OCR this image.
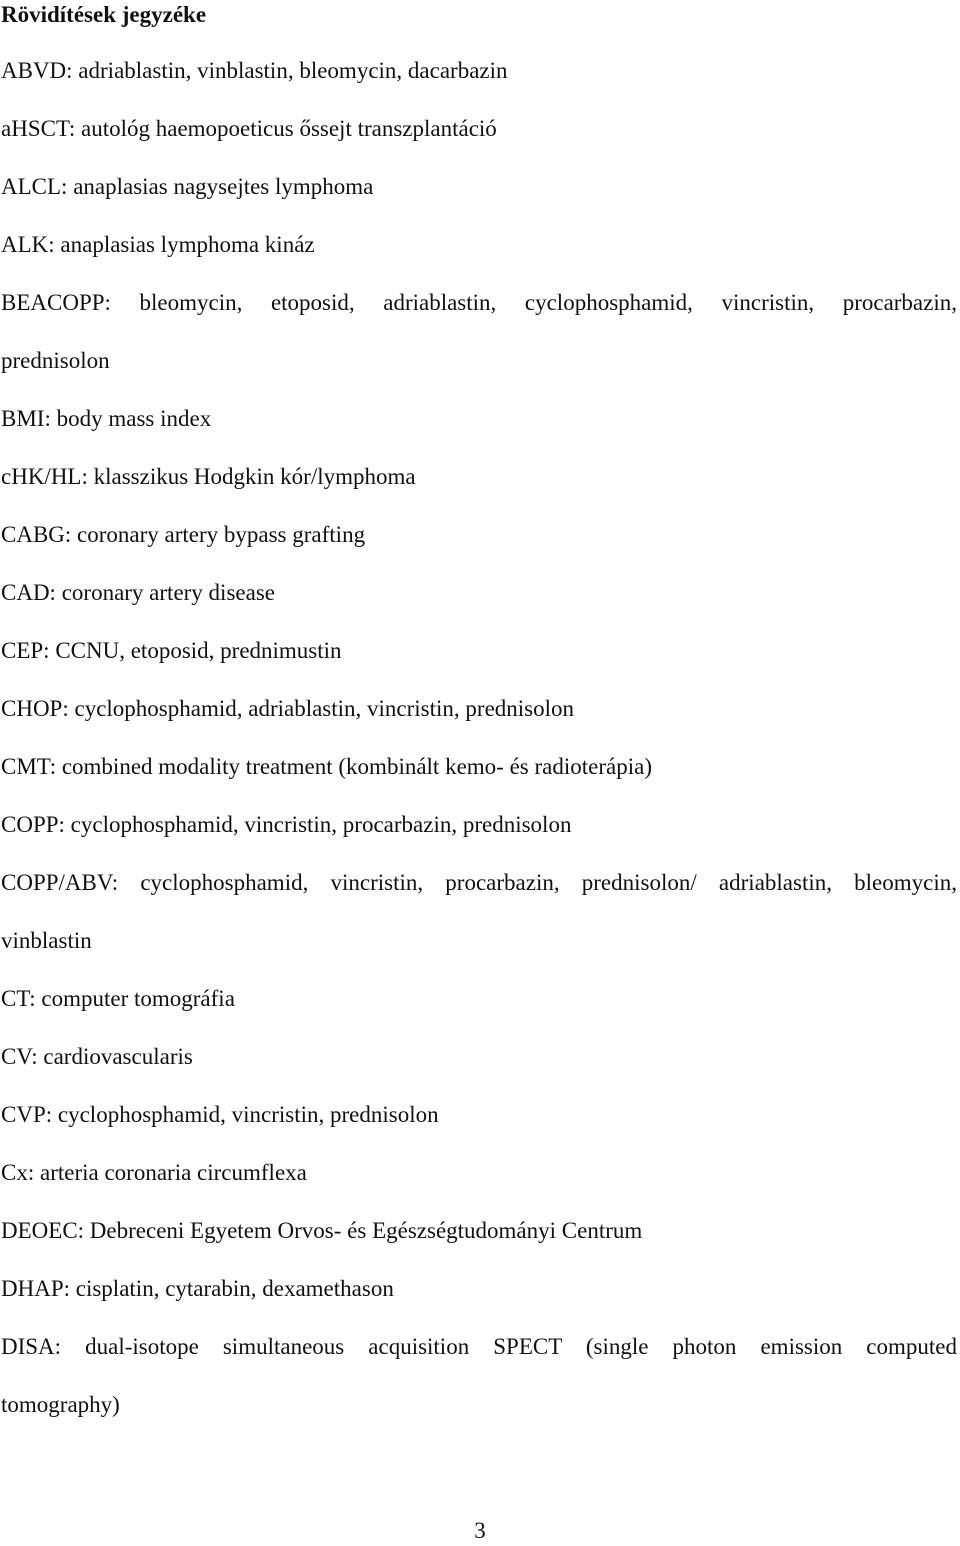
Rövidítések jegyzéke
ABVD: adriablastin, vinblastin, bleomycin, dacarbazin
aHSCT: autológ haemopoeticus őssejt transzplantáció
ALCL: anaplasias nagysejtes lymphoma
ALK: anaplasias lymphoma kináz
BEACOPP: bleomycin, etoposid, adriablastin, cyclophosphamid, vincristin, procarbazin,
prednisolon
BMI: body mass index
cHK/HL: klasszikus Hodgkin kór/lymphoma
CABG: coronary artery bypass grafting
CAD: coronary artery disease
CEP: CCNU, etoposid, prednimustin
CHOP: cyclophosphamid, adriablastin, vincristin, prednisolon
CMT: combined modality treatment (kombinált kemo- és radioterápia)
COPP: cyclophosphamid, vincristin, procarbazin, prednisolon
COPP/ABV: cyclophosphamid, vincristin, procarbazin, prednisolon/ adriablastin, bleomycin,
vinblastin
CT: computer tomográfia
CV: cardiovascularis
CVP: cyclophosphamid, vincristin, prednisolon
Cx: arteria coronaria circumflexa
DEOEC: Debreceni Egyetem Orvos- és Egészségtudományi Centrum
DHAP: cisplatin, cytarabin, dexamethason
DISA: dual-isotope simultaneous acquisition SPECT (single photon emission computed
tomography)
3
